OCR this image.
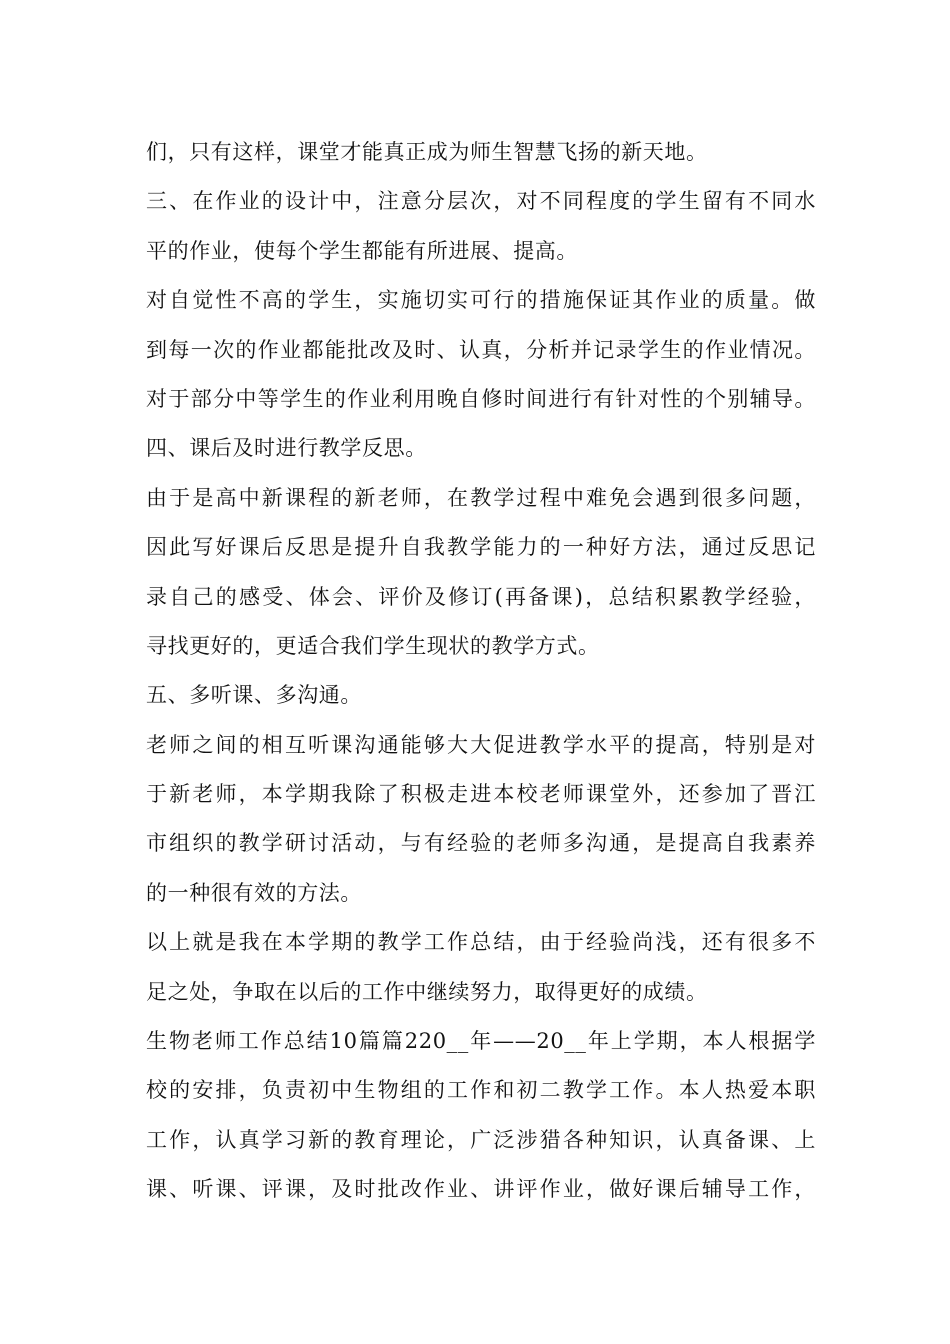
们，只有这样，课堂才能真正成为师生智慧飞扬的新天地。
三、在作业的设计中，注意分层次，对不同程度的学生留有不同水
平的作业，使每个学生都能有所进展、提高。
对自觉性不高的学生，实施切实可行的措施保证其作业的质量。做
到每一次的作业都能批改及时、认真，分析并记录学生的作业情况。
对于部分中等学生的作业利用晚自修时间进行有针对性的个别辅导。
四、课后及时进行教学反思。
由于是高中新课程的新老师，在教学过程中难免会遇到很多问题，
因此写好课后反思是提升自我教学能力的一种好方法，通过反思记
录自己的感受、体会、评价及修订(再备课)，总结积累教学经验，
寻找更好的，更适合我们学生现状的教学方式。
五、多听课、多沟通。
老师之间的相互听课沟通能够大大促进教学水平的提高，特别是对
于新老师，本学期我除了积极走进本校老师课堂外，还参加了晋江
市组织的教学研讨活动，与有经验的老师多沟通，是提高自我素养
的一种很有效的方法。
以上就是我在本学期的教学工作总结，由于经验尚浅，还有很多不
足之处，争取在以后的工作中继续努力，取得更好的成绩。
生物老师工作总结10篇篇220__年——20__年上学期，本人根据学
校的安排，负责初中生物组的工作和初二教学工作。本人热爱本职
工作，认真学习新的教育理论，广泛涉猎各种知识，认真备课、上
课、听课、评课，及时批改作业、讲评作业，做好课后辅导工作，
